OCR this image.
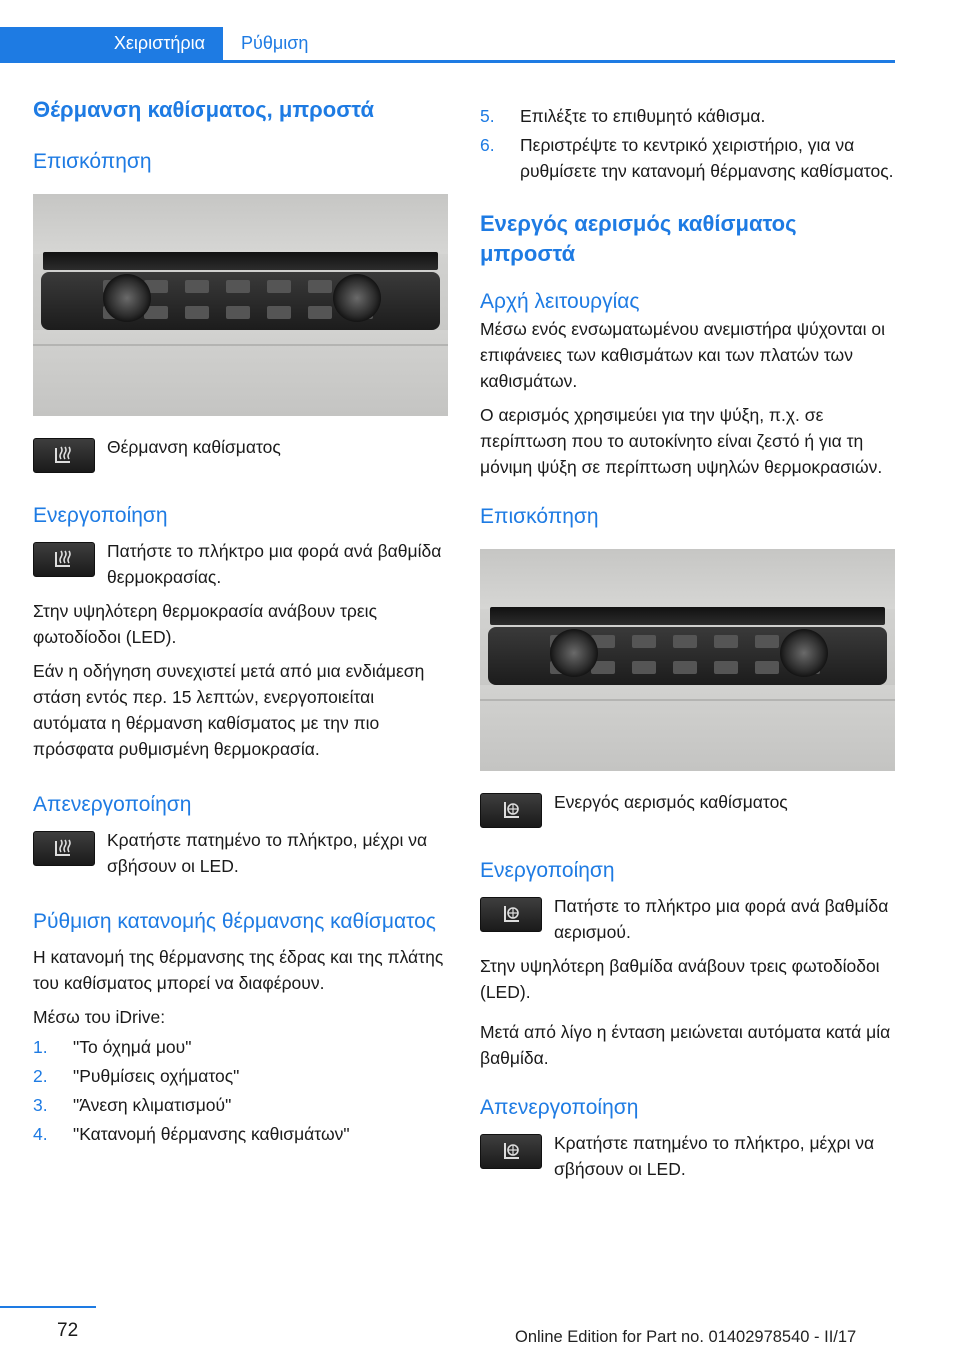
Χειριστήρια	Ρύθμιση
Θέρμανση καθίσματος, μπροστά
Επισκόπηση
Θέρμανση καθίσματος
Ενεργοποίηση
Πατήστε το πλήκτρο μια φορά ανά βαθμίδα θερμοκρασίας.
Στην υψηλότερη θερμοκρασία ανάβουν τρεις φωτοδίοδοι (LED).
Εάν η οδήγηση συνεχιστεί μετά από μια ενδιάμεση στάση εντός περ. 15 λεπτών, ενεργοποιείται αυτόματα η θέρμανση καθίσματος με την πιο πρόσφατα ρυθμισμένη θερμοκρασία.
Απενεργοποίηση
Κρατήστε πατημένο το πλήκτρο, μέχρι να σβήσουν οι LED.
Ρύθμιση κατανομής θέρμανσης καθίσματος
Η κατανομή της θέρμανσης της έδρας και της πλάτης του καθίσματος μπορεί να διαφέρουν.
Μέσω του iDrive:
1.	"Το όχημά μου"
2.	"Ρυθμίσεις οχήματος"
3.	"Άνεση κλιματισμού"
4.	"Κατανομή θέρμανσης καθισμάτων"
5.	Επιλέξτε το επιθυμητό κάθισμα.
6.	Περιστρέψτε το κεντρικό χειριστήριο, για να ρυθμίσετε την κατανομή θέρμανσης καθίσματος.
Ενεργός αερισμός καθίσματος μπροστά
Αρχή λειτουργίας
Μέσω ενός ενσωματωμένου ανεμιστήρα ψύχονται οι επιφάνειες των καθισμάτων και των πλατών των καθισμάτων.
Ο αερισμός χρησιμεύει για την ψύξη, π.χ. σε περίπτωση που το αυτοκίνητο είναι ζεστό ή για τη μόνιμη ψύξη σε περίπτωση υψηλών θερμοκρασιών.
Επισκόπηση
Ενεργός αερισμός καθίσματος
Ενεργοποίηση
Πατήστε το πλήκτρο μια φορά ανά βαθμίδα αερισμού.
Στην υψηλότερη βαθμίδα ανάβουν τρεις φωτοδίοδοι (LED).
Μετά από λίγο η ένταση μειώνεται αυτόματα κατά μία βαθμίδα.
Απενεργοποίηση
Κρατήστε πατημένο το πλήκτρο, μέχρι να σβήσουν οι LED.
72	Online Edition for Part no. 01402978540 - II/17
